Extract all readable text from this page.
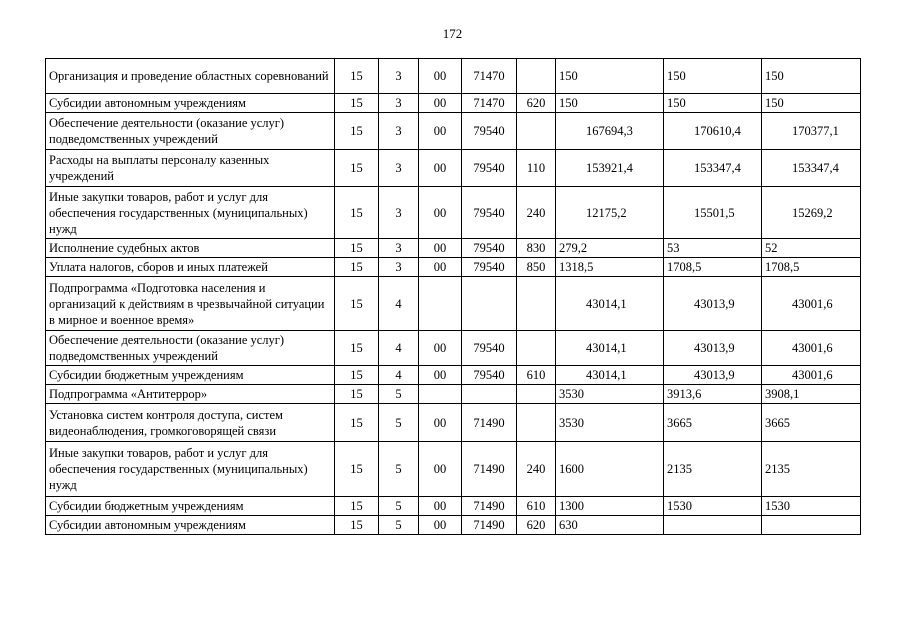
172
Организация и проведение областных соревнований	15	3	00	71470		150	150	150
Субсидии автономным учреждениям	15	3	00	71470	620	150	150	150
Обеспечение деятельности (оказание услуг) подведомственных учреждений	15	3	00	79540		167694,3	170610,4	170377,1
Расходы на выплаты персоналу казенных учреждений	15	3	00	79540	110	153921,4	153347,4	153347,4
Иные закупки товаров, работ и услуг для обеспечения государственных (муниципальных) нужд	15	3	00	79540	240	12175,2	15501,5	15269,2
Исполнение судебных актов	15	3	00	79540	830	279,2	53	52
Уплата налогов, сборов и иных платежей	15	3	00	79540	850	1318,5	1708,5	1708,5
Подпрограмма «Подготовка населения и организаций к действиям в чрезвычайной ситуации в мирное и военное время»	15	4				43014,1	43013,9	43001,6
Обеспечение деятельности (оказание услуг) подведомственных учреждений	15	4	00	79540		43014,1	43013,9	43001,6
Субсидии бюджетным учреждениям	15	4	00	79540	610	43014,1	43013,9	43001,6
Подпрограмма «Антитеррор»	15	5				3530	3913,6	3908,1
Установка систем контроля доступа, систем видеонаблюдения, громкоговорящей связи	15	5	00	71490		3530	3665	3665
Иные закупки товаров, работ и услуг для обеспечения государственных (муниципальных) нужд	15	5	00	71490	240	1600	2135	2135
Субсидии бюджетным учреждениям	15	5	00	71490	610	1300	1530	1530
Субсидии автономным учреждениям	15	5	00	71490	620	630		
